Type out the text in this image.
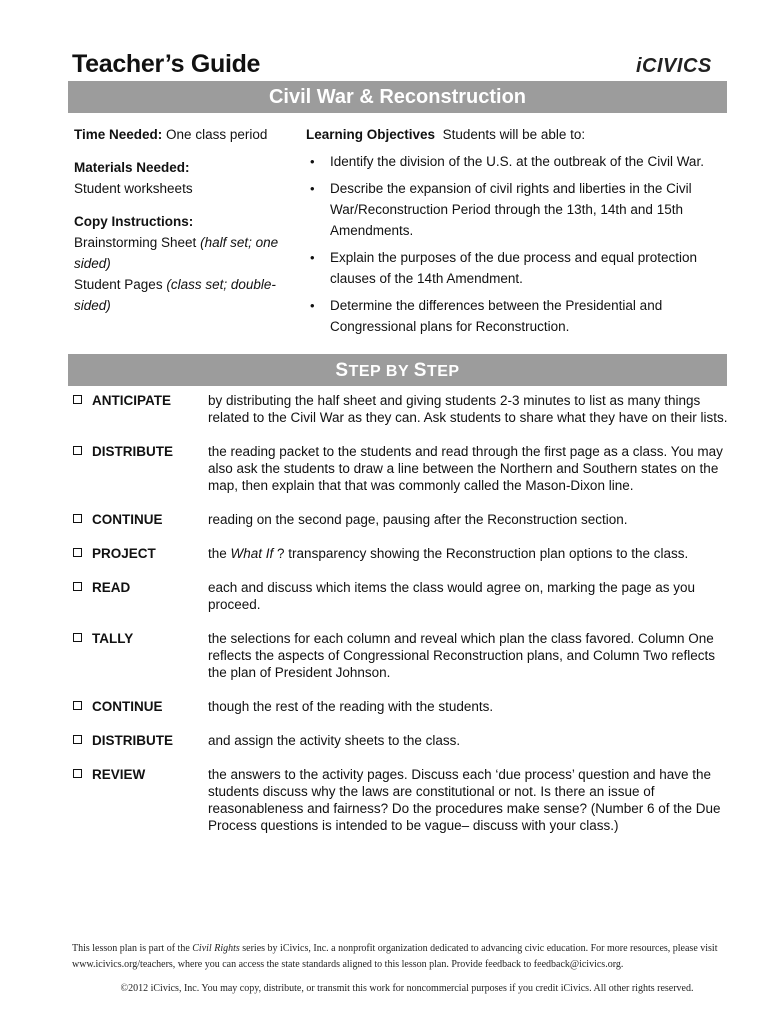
Teacher’s Guide	iCIVICS
Civil War & Reconstruction
Time Needed: One class period
Materials Needed:
Student worksheets
Copy Instructions:
Brainstorming Sheet (half set; one sided)
Student Pages (class set; double-sided)
Learning Objectives Students will be able to:
• Identify the division of the U.S. at the outbreak of the Civil War.
• Describe the expansion of civil rights and liberties in the Civil War/Reconstruction Period through the 13th, 14th and 15th Amendments.
• Explain the purposes of the due process and equal protection clauses of the 14th Amendment.
• Determine the differences between the Presidential and Congressional plans for Reconstruction.
STEP BY STEP
ANTICIPATE	by distributing the half sheet and giving students 2-3 minutes to list as many things related to the Civil War as they can. Ask students to share what they have on their lists.
DISTRIBUTE	the reading packet to the students and read through the first page as a class. You may also ask the students to draw a line between the Northern and Southern states on the map, then explain that that was commonly called the Mason-Dixon line.
CONTINUE	reading on the second page, pausing after the Reconstruction section.
PROJECT	the What If ? transparency showing the Reconstruction plan options to the class.
READ	each and discuss which items the class would agree on, marking the page as you proceed.
TALLY	the selections for each column and reveal which plan the class favored. Column One reflects the aspects of Congressional Reconstruction plans, and Column Two reflects the plan of President Johnson.
CONTINUE	though the rest of the reading with the students.
DISTRIBUTE	and assign the activity sheets to the class.
REVIEW	the answers to the activity pages. Discuss each ‘due process’ question and have the students discuss why the laws are constitutional or not. Is there an issue of reasonableness and fairness? Do the procedures make sense? (Number 6 of the Due Process questions is intended to be vague– discuss with your class.)
This lesson plan is part of the Civil Rights series by iCivics, Inc. a nonprofit organization dedicated to advancing civic education. For more resources, please visit www.icivics.org/teachers, where you can access the state standards aligned to this lesson plan. Provide feedback to feedback@icivics.org.
©2012 iCivics, Inc. You may copy, distribute, or transmit this work for noncommercial purposes if you credit iCivics. All other rights reserved.
